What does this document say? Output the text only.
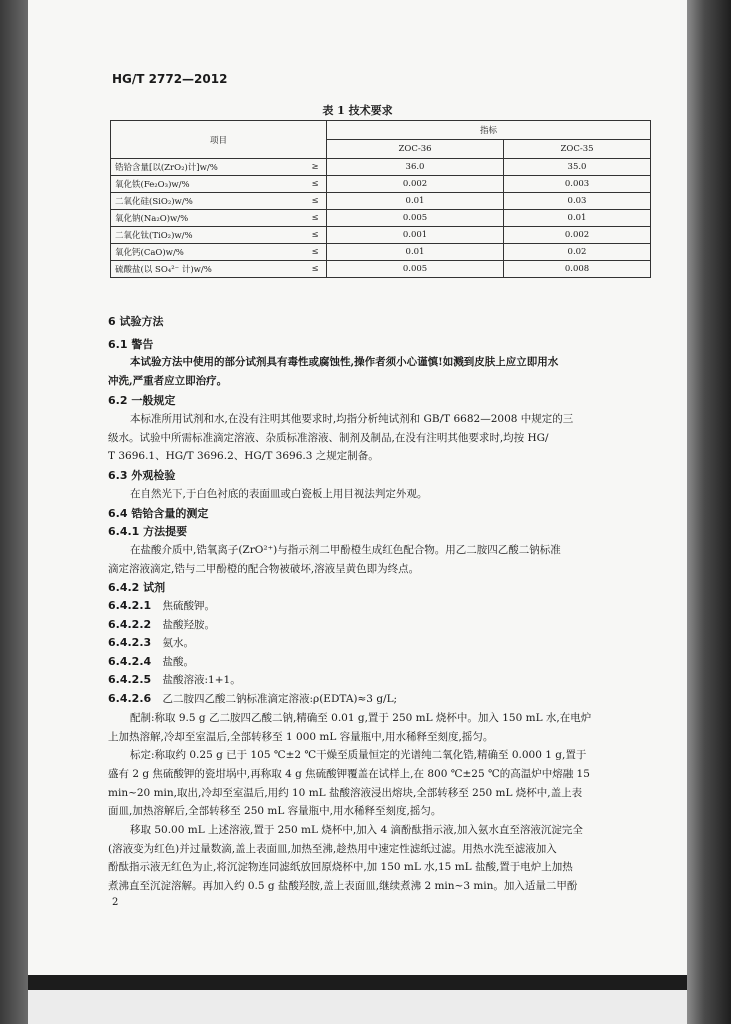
HG/T 2772—2012
表 1 技术要求
项目		指标	
		ZOC-36	ZOC-35
锆铪含量[以(ZrO₂)计]w/%	≥	36.0	35.0
氧化铁(Fe₂O₃)w/%	≤	0.002	0.003
二氧化硅(SiO₂)w/%	≤	0.01	0.03
氧化钠(Na₂O)w/%	≤	0.005	0.01
二氧化钛(TiO₂)w/%	≤	0.001	0.002
氧化钙(CaO)w/%	≤	0.01	0.02
硫酸盐(以 SO₄²⁻ 计)w/%	≤	0.005	0.008
6 试验方法
6.1 警告
本试验方法中使用的部分试剂具有毒性或腐蚀性,操作者须小心谨慎!如溅到皮肤上应立即用水
冲洗,严重者应立即治疗。
6.2 一般规定
本标准所用试剂和水,在没有注明其他要求时,均指分析纯试剂和 GB/T 6682—2008 中规定的三
级水。试验中所需标准滴定溶液、杂质标准溶液、制剂及制品,在没有注明其他要求时,均按 HG/
T 3696.1、HG/T 3696.2、HG/T 3696.3 之规定制备。
6.3 外观检验
在自然光下,于白色衬底的表面皿或白瓷板上用目视法判定外观。
6.4 锆铪含量的测定
6.4.1 方法提要
在盐酸介质中,锆氧离子(ZrO²⁺)与指示剂二甲酚橙生成红色配合物。用乙二胺四乙酸二钠标准
滴定溶液滴定,锆与二甲酚橙的配合物被破坏,溶液呈黄色即为终点。
6.4.2 试剂
6.4.2.1 焦硫酸钾。
6.4.2.2 盐酸羟胺。
6.4.2.3 氨水。
6.4.2.4 盐酸。
6.4.2.5 盐酸溶液:1+1。
6.4.2.6 乙二胺四乙酸二钠标准滴定溶液:ρ(EDTA)≈3 g/L;
配制:称取 9.5 g 乙二胺四乙酸二钠,精确至 0.01 g,置于 250 mL 烧杯中。加入 150 mL 水,在电炉
上加热溶解,冷却至室温后,全部转移至 1 000 mL 容量瓶中,用水稀释至刻度,摇匀。
标定:称取约 0.25 g 已于 105 ℃±2 ℃干燥至质量恒定的光谱纯二氧化锆,精确至 0.000 1 g,置于
盛有 2 g 焦硫酸钾的瓷坩埚中,再称取 4 g 焦硫酸钾覆盖在试样上,在 800 ℃±25 ℃的高温炉中熔融 15
min~20 min,取出,冷却至室温后,用约 10 mL 盐酸溶液浸出熔块,全部转移至 250 mL 烧杯中,盖上表
面皿,加热溶解后,全部转移至 250 mL 容量瓶中,用水稀释至刻度,摇匀。
移取 50.00 mL 上述溶液,置于 250 mL 烧杯中,加入 4 滴酚酞指示液,加入氨水直至溶液沉淀完全
(溶液变为红色)并过量数滴,盖上表面皿,加热至沸,趁热用中速定性滤纸过滤。用热水洗至滤液加入
酚酞指示液无红色为止,将沉淀物连同滤纸放回原烧杯中,加 150 mL 水,15 mL 盐酸,置于电炉上加热
煮沸直至沉淀溶解。再加入约 0.5 g 盐酸羟胺,盖上表面皿,继续煮沸 2 min~3 min。加入适量二甲酚
2
